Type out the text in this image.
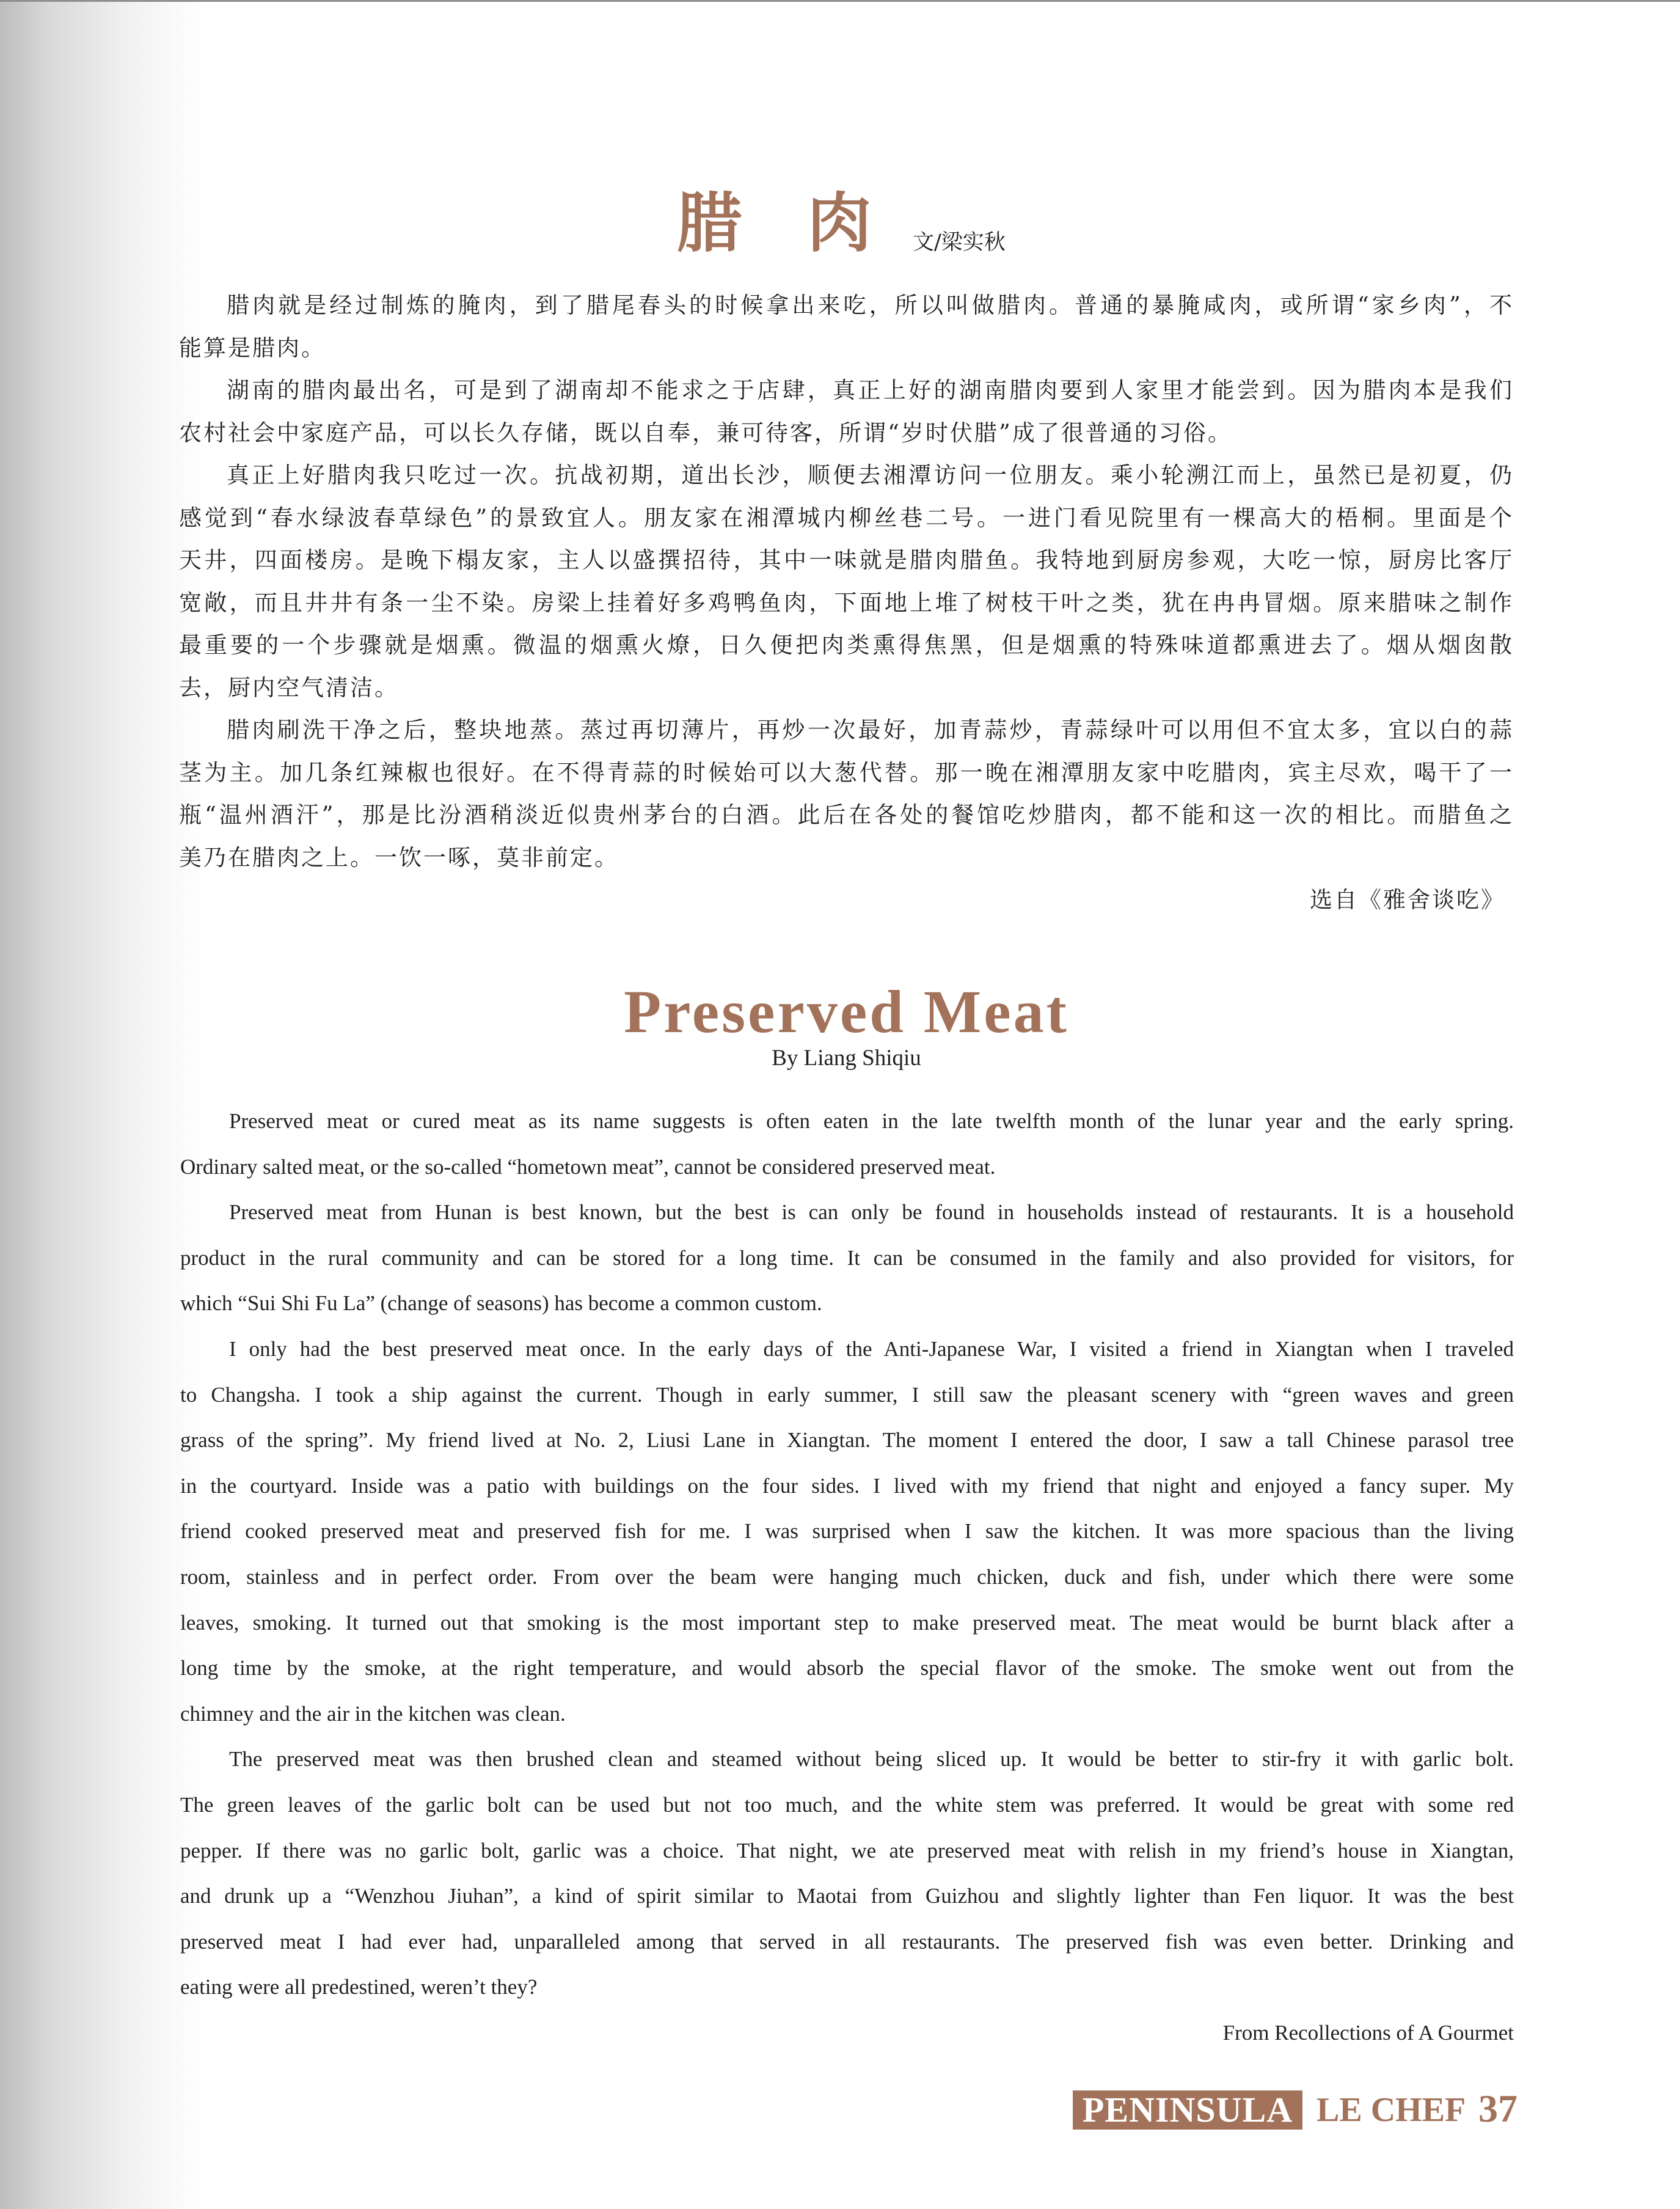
腊 肉 文/梁实秋
腊肉就是经过制炼的腌肉，到了腊尾春头的时候拿出来吃，所以叫做腊肉。普通的暴腌咸肉，或所谓“家乡肉”，不
能算是腊肉。
湖南的腊肉最出名，可是到了湖南却不能求之于店肆，真正上好的湖南腊肉要到人家里才能尝到。因为腊肉本是我们
农村社会中家庭产品，可以长久存储，既以自奉，兼可待客，所谓“岁时伏腊”成了很普通的习俗。
真正上好腊肉我只吃过一次。抗战初期，道出长沙，顺便去湘潭访问一位朋友。乘小轮溯江而上，虽然已是初夏，仍
感觉到“春水绿波春草绿色”的景致宜人。朋友家在湘潭城内柳丝巷二号。一进门看见院里有一棵高大的梧桐。里面是个
天井，四面楼房。是晚下榻友家，主人以盛撰招待，其中一味就是腊肉腊鱼。我特地到厨房参观，大吃一惊，厨房比客厅
宽敞，而且井井有条一尘不染。房梁上挂着好多鸡鸭鱼肉，下面地上堆了树枝干叶之类，犹在冉冉冒烟。原来腊味之制作
最重要的一个步骤就是烟熏。微温的烟熏火燎，日久便把肉类熏得焦黑，但是烟熏的特殊味道都熏进去了。烟从烟囱散
去，厨内空气清洁。
腊肉刷洗干净之后，整块地蒸。蒸过再切薄片，再炒一次最好，加青蒜炒，青蒜绿叶可以用但不宜太多，宜以白的蒜
茎为主。加几条红辣椒也很好。在不得青蒜的时候始可以大葱代替。那一晚在湘潭朋友家中吃腊肉，宾主尽欢，喝干了一
瓶“温州酒汗”，那是比汾酒稍淡近似贵州茅台的白酒。此后在各处的餐馆吃炒腊肉，都不能和这一次的相比。而腊鱼之
美乃在腊肉之上。一饮一啄，莫非前定。
选自《雅舍谈吃》
Preserved Meat
By Liang Shiqiu
Preserved meat or cured meat as its name suggests is often eaten in the late twelfth month of the lunar year and the early spring.
Ordinary salted meat, or the so-called “hometown meat”, cannot be considered preserved meat.
Preserved meat from Hunan is best known, but the best is can only be found in households instead of restaurants. It is a household
product in the rural community and can be stored for a long time. It can be consumed in the family and also provided for visitors, for
which “Sui Shi Fu La” (change of seasons) has become a common custom.
I only had the best preserved meat once. In the early days of the Anti-Japanese War, I visited a friend in Xiangtan when I traveled
to Changsha. I took a ship against the current. Though in early summer, I still saw the pleasant scenery with “green waves and green
grass of the spring”. My friend lived at No. 2, Liusi Lane in Xiangtan. The moment I entered the door, I saw a tall Chinese parasol tree
in the courtyard. Inside was a patio with buildings on the four sides. I lived with my friend that night and enjoyed a fancy super. My
friend cooked preserved meat and preserved fish for me. I was surprised when I saw the kitchen. It was more spacious than the living
room, stainless and in perfect order. From over the beam were hanging much chicken, duck and fish, under which there were some
leaves, smoking. It turned out that smoking is the most important step to make preserved meat. The meat would be burnt black after a
long time by the smoke, at the right temperature, and would absorb the special flavor of the smoke. The smoke went out from the
chimney and the air in the kitchen was clean.
The preserved meat was then brushed clean and steamed without being sliced up. It would be better to stir-fry it with garlic bolt.
The green leaves of the garlic bolt can be used but not too much, and the white stem was preferred. It would be great with some red
pepper. If there was no garlic bolt, garlic was a choice. That night, we ate preserved meat with relish in my friend’s house in Xiangtan,
and drunk up a “Wenzhou Jiuhan”, a kind of spirit similar to Maotai from Guizhou and slightly lighter than Fen liquor. It was the best
preserved meat I had ever had, unparalleled among that served in all restaurants. The preserved fish was even better. Drinking and
eating were all predestined, weren’t they?
From Recollections of A Gourmet
PENINSULA LE CHEF 37
